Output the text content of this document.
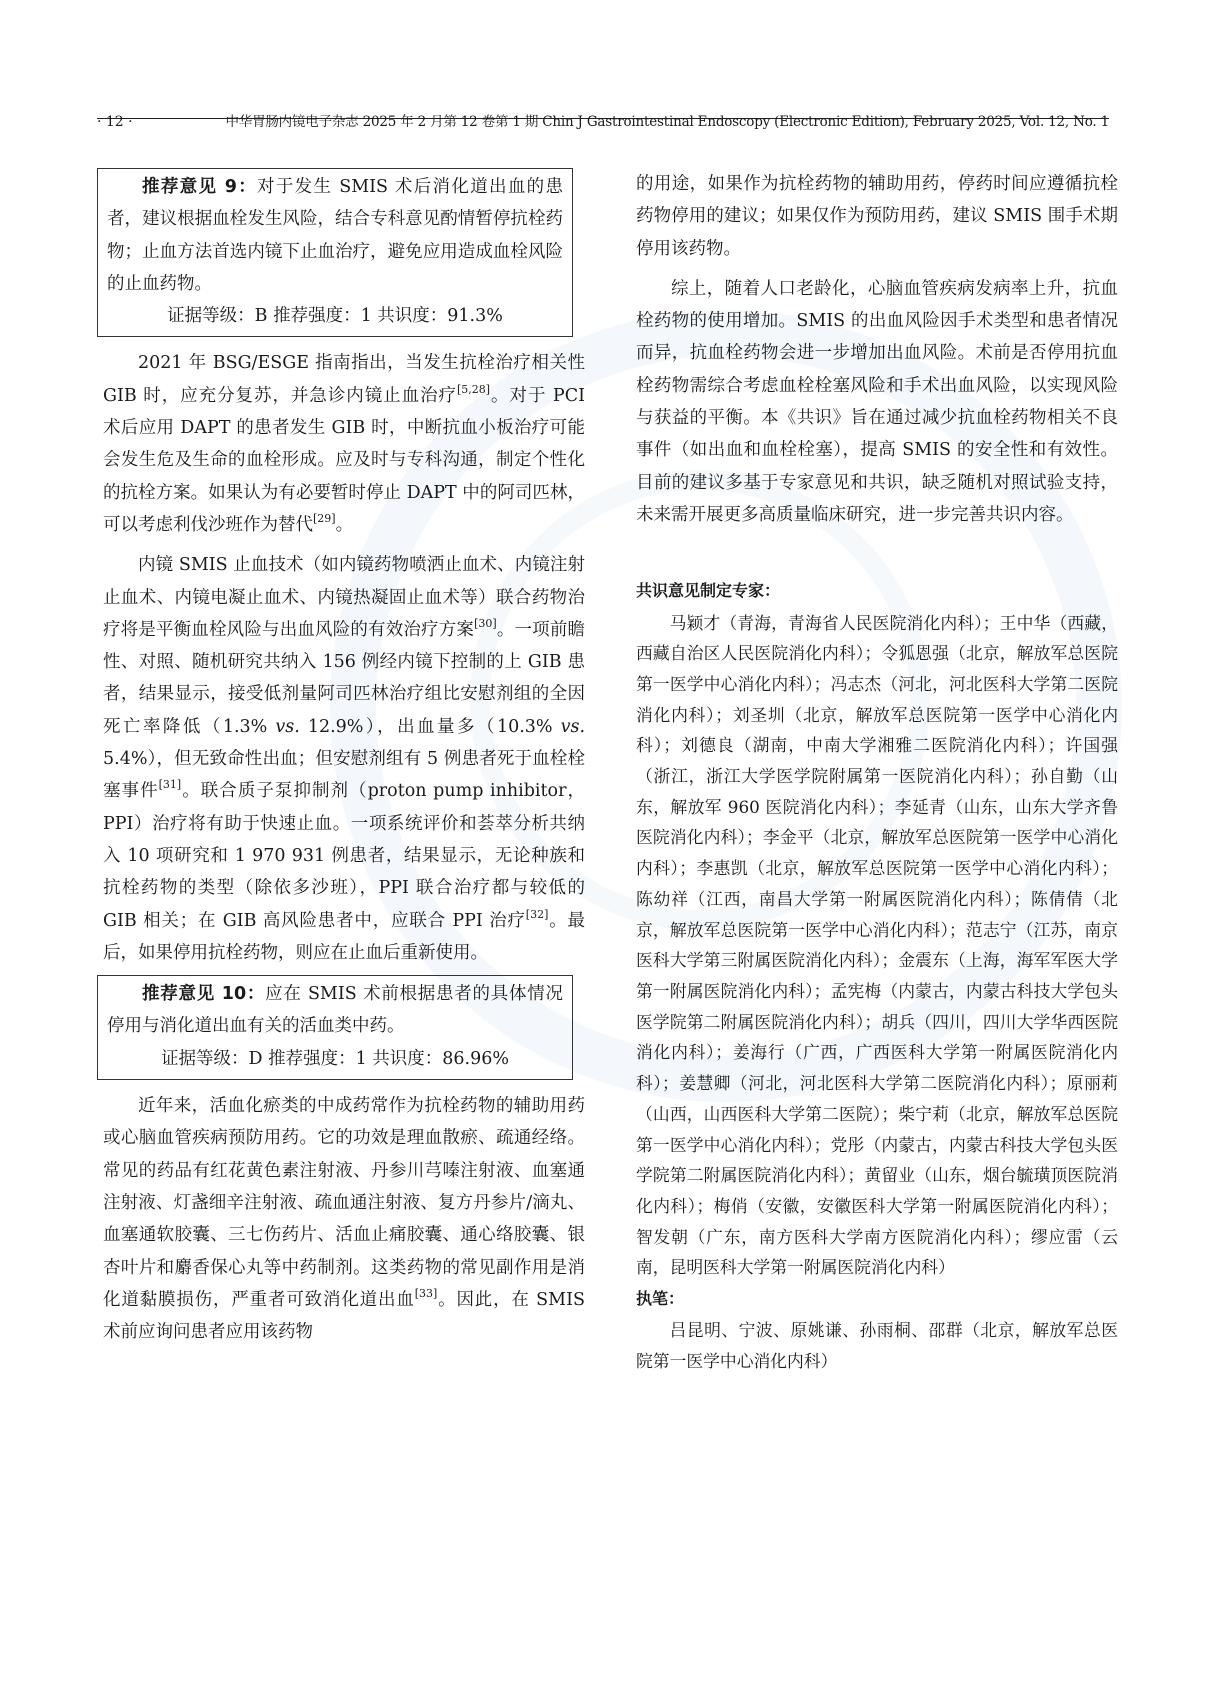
· 12 ·	中华胃肠内镜电子杂志 2025 年 2 月第 12 卷第 1 期 Chin J Gastrointestinal Endoscopy (Electronic Edition), February 2025, Vol. 12, No. 1

推荐意见 9：对于发生 SMIS 术后消化道出血的患者，建议根据血栓发生风险，结合专科意见酌情暂停抗栓药物；止血方法首选内镜下止血治疗，避免应用造成血栓风险的止血药物。

证据等级：B 推荐强度：1 共识度：91.3%

2021 年 BSG/ESGE 指南指出，当发生抗栓治疗相关性 GIB 时，应充分复苏，并急诊内镜止血治疗[5,28]。对于 PCI 术后应用 DAPT 的患者发生 GIB 时，中断抗血小板治疗可能会发生危及生命的血栓形成。应及时与专科沟通，制定个性化的抗栓方案。如果认为有必要暂时停止 DAPT 中的阿司匹林，可以考虑利伐沙班作为替代[29]。

内镜 SMIS 止血技术（如内镜药物喷洒止血术、内镜注射止血术、内镜电凝止血术、内镜热凝固止血术等）联合药物治疗将是平衡血栓风险与出血风险的有效治疗方案[30]。一项前瞻性、对照、随机研究共纳入 156 例经内镜下控制的上 GIB 患者，结果显示，接受低剂量阿司匹林治疗组比安慰剂组的全因死亡率降低（1.3% vs. 12.9%），出血量多（10.3% vs. 5.4%），但无致命性出血；但安慰剂组有 5 例患者死于血栓栓塞事件[31]。联合质子泵抑制剂（proton pump inhibitor，PPI）治疗将有助于快速止血。一项系统评价和荟萃分析共纳入 10 项研究和 1 970 931 例患者，结果显示，无论种族和抗栓药物的类型（除依多沙班），PPI 联合治疗都与较低的 GIB 相关；在 GIB 高风险患者中，应联合 PPI 治疗[32]。最后，如果停用抗栓药物，则应在止血后重新使用。

推荐意见 10：应在 SMIS 术前根据患者的具体情况停用与消化道出血有关的活血类中药。

证据等级：D 推荐强度：1 共识度：86.96%

近年来，活血化瘀类的中成药常作为抗栓药物的辅助用药或心脑血管疾病预防用药。它的功效是理血散瘀、疏通经络。常见的药品有红花黄色素注射液、丹参川芎嗪注射液、血塞通注射液、灯盏细辛注射液、疏血通注射液、复方丹参片/滴丸、血塞通软胶囊、三七伤药片、活血止痛胶囊、通心络胶囊、银杏叶片和麝香保心丸等中药制剂。这类药物的常见副作用是消化道黏膜损伤，严重者可致消化道出血[33]。因此，在 SMIS 术前应询问患者应用该药物

的用途，如果作为抗栓药物的辅助用药，停药时间应遵循抗栓药物停用的建议；如果仅作为预防用药，建议 SMIS 围手术期停用该药物。

综上，随着人口老龄化，心脑血管疾病发病率上升，抗血栓药物的使用增加。SMIS 的出血风险因手术类型和患者情况而异，抗血栓药物会进一步增加出血风险。术前是否停用抗血栓药物需综合考虑血栓栓塞风险和手术出血风险，以实现风险与获益的平衡。本《共识》旨在通过减少抗血栓药物相关不良事件（如出血和血栓栓塞），提高 SMIS 的安全性和有效性。目前的建议多基于专家意见和共识，缺乏随机对照试验支持，未来需开展更多高质量临床研究，进一步完善共识内容。

共识意见制定专家：

马颖才（青海，青海省人民医院消化内科）；王中华（西藏，西藏自治区人民医院消化内科）；令狐恩强（北京，解放军总医院第一医学中心消化内科）；冯志杰（河北，河北医科大学第二医院消化内科）；刘圣圳（北京，解放军总医院第一医学中心消化内科）；刘德良（湖南，中南大学湘雅二医院消化内科）；许国强（浙江，浙江大学医学院附属第一医院消化内科）；孙自勤（山东，解放军 960 医院消化内科）；李延青（山东，山东大学齐鲁医院消化内科）；李金平（北京，解放军总医院第一医学中心消化内科）；李惠凯（北京，解放军总医院第一医学中心消化内科）；陈幼祥（江西，南昌大学第一附属医院消化内科）；陈倩倩（北京，解放军总医院第一医学中心消化内科）；范志宁（江苏，南京医科大学第三附属医院消化内科）；金震东（上海，海军军医大学第一附属医院消化内科）；孟宪梅（内蒙古，内蒙古科技大学包头医学院第二附属医院消化内科）；胡兵（四川，四川大学华西医院消化内科）；姜海行（广西，广西医科大学第一附属医院消化内科）；姜慧卿（河北，河北医科大学第二医院消化内科）；原丽莉（山西，山西医科大学第二医院）；柴宁莉（北京，解放军总医院第一医学中心消化内科）；党彤（内蒙古，内蒙古科技大学包头医学院第二附属医院消化内科）；黄留业（山东，烟台毓璜顶医院消化内科）；梅俏（安徽，安徽医科大学第一附属医院消化内科）；智发朝（广东，南方医科大学南方医院消化内科）；缪应雷（云南，昆明医科大学第一附属医院消化内科）

执笔：

吕昆明、宁波、原姚谦、孙雨桐、邵群（北京，解放军总医院第一医学中心消化内科）
